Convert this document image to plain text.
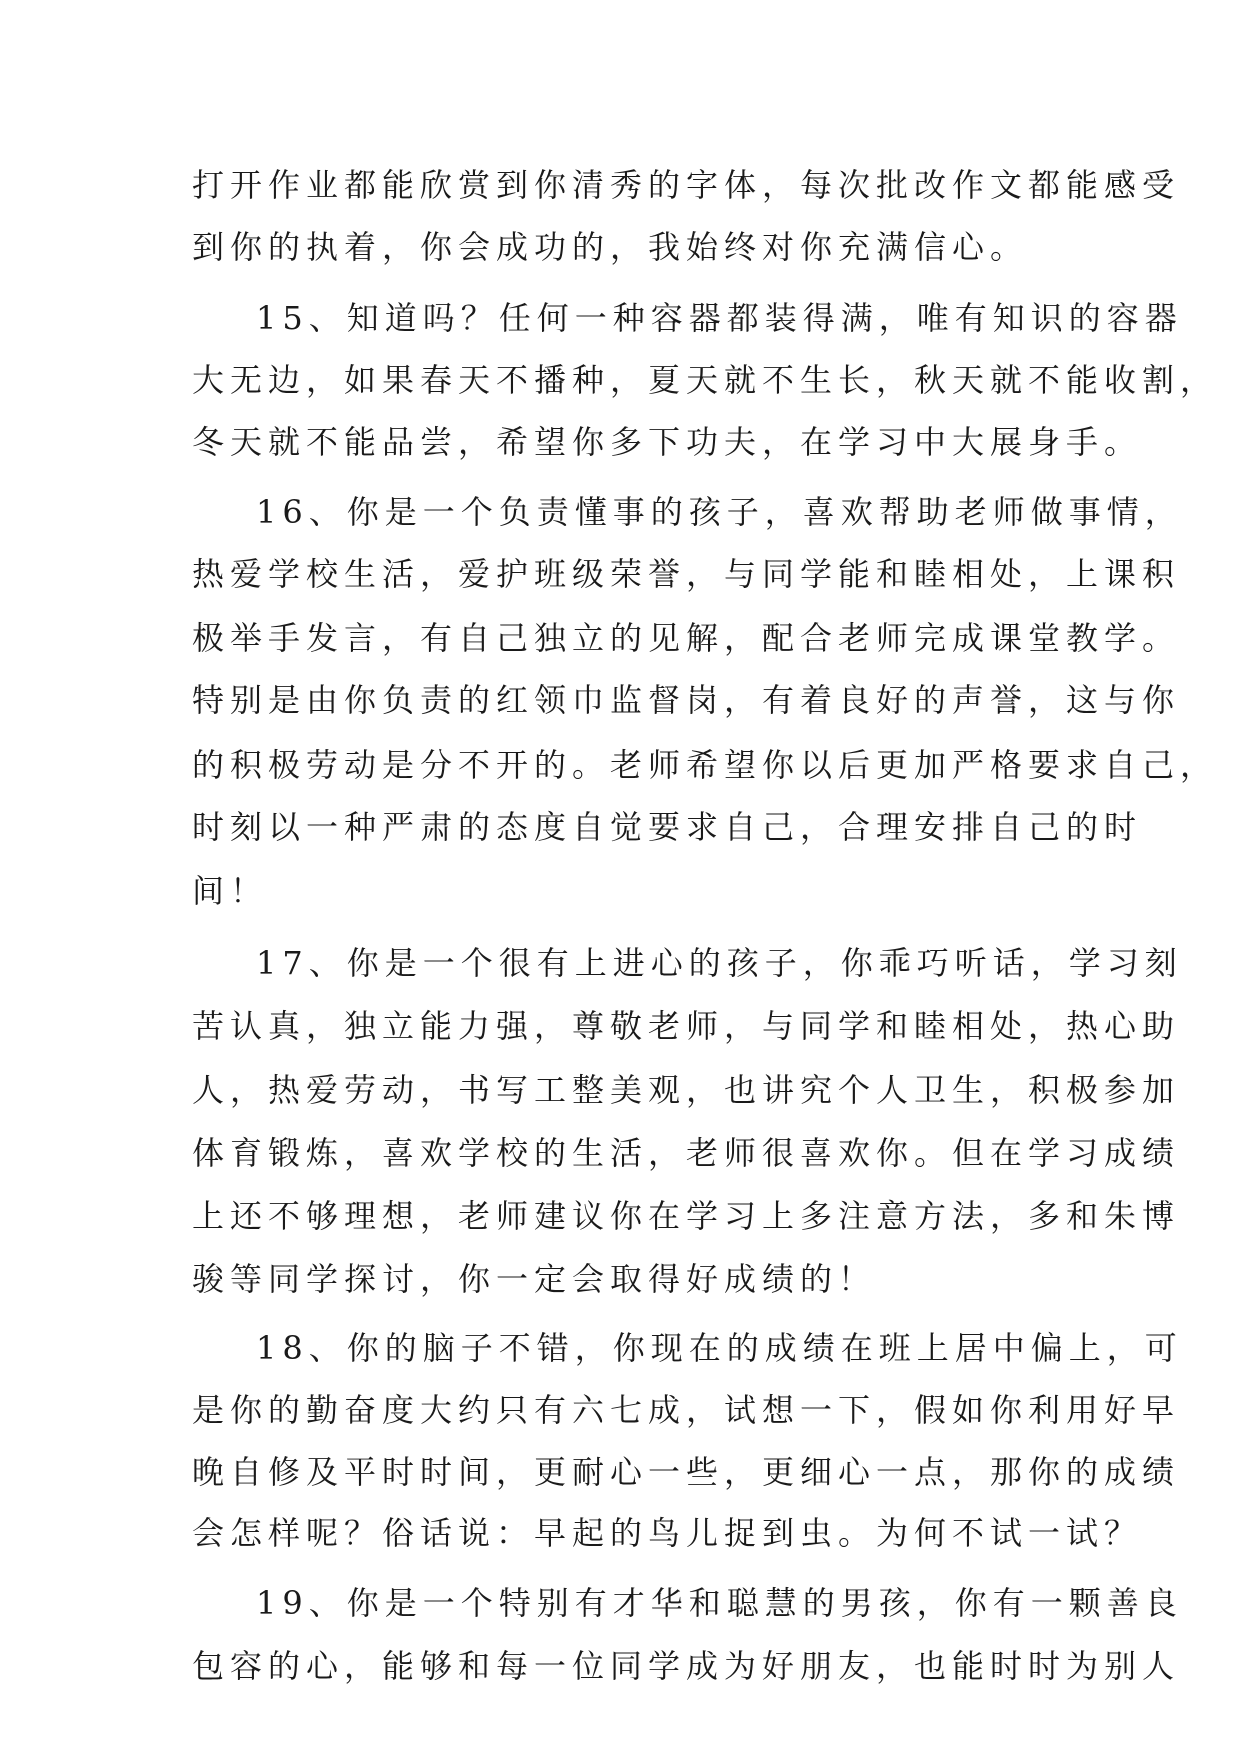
打开作业都能欣赏到你清秀的字体，每次批改作文都能感受
到你的执着，你会成功的，我始终对你充满信心。
15、知道吗？任何一种容器都装得满，唯有知识的容器
大无边，如果春天不播种，夏天就不生长，秋天就不能收割，
冬天就不能品尝，希望你多下功夫，在学习中大展身手。
16、你是一个负责懂事的孩子，喜欢帮助老师做事情，
热爱学校生活，爱护班级荣誉，与同学能和睦相处，上课积
极举手发言，有自己独立的见解，配合老师完成课堂教学。
特别是由你负责的红领巾监督岗，有着良好的声誉，这与你
的积极劳动是分不开的。老师希望你以后更加严格要求自己，
时刻以一种严肃的态度自觉要求自己，合理安排自己的时
间！
17、你是一个很有上进心的孩子，你乖巧听话，学习刻
苦认真，独立能力强，尊敬老师，与同学和睦相处，热心助
人，热爱劳动，书写工整美观，也讲究个人卫生，积极参加
体育锻炼，喜欢学校的生活，老师很喜欢你。但在学习成绩
上还不够理想，老师建议你在学习上多注意方法，多和朱博
骏等同学探讨，你一定会取得好成绩的！
18、你的脑子不错，你现在的成绩在班上居中偏上，可
是你的勤奋度大约只有六七成，试想一下，假如你利用好早
晚自修及平时时间，更耐心一些，更细心一点，那你的成绩
会怎样呢？俗话说：早起的鸟儿捉到虫。为何不试一试？
19、你是一个特别有才华和聪慧的男孩，你有一颗善良
包容的心，能够和每一位同学成为好朋友，也能时时为别人
